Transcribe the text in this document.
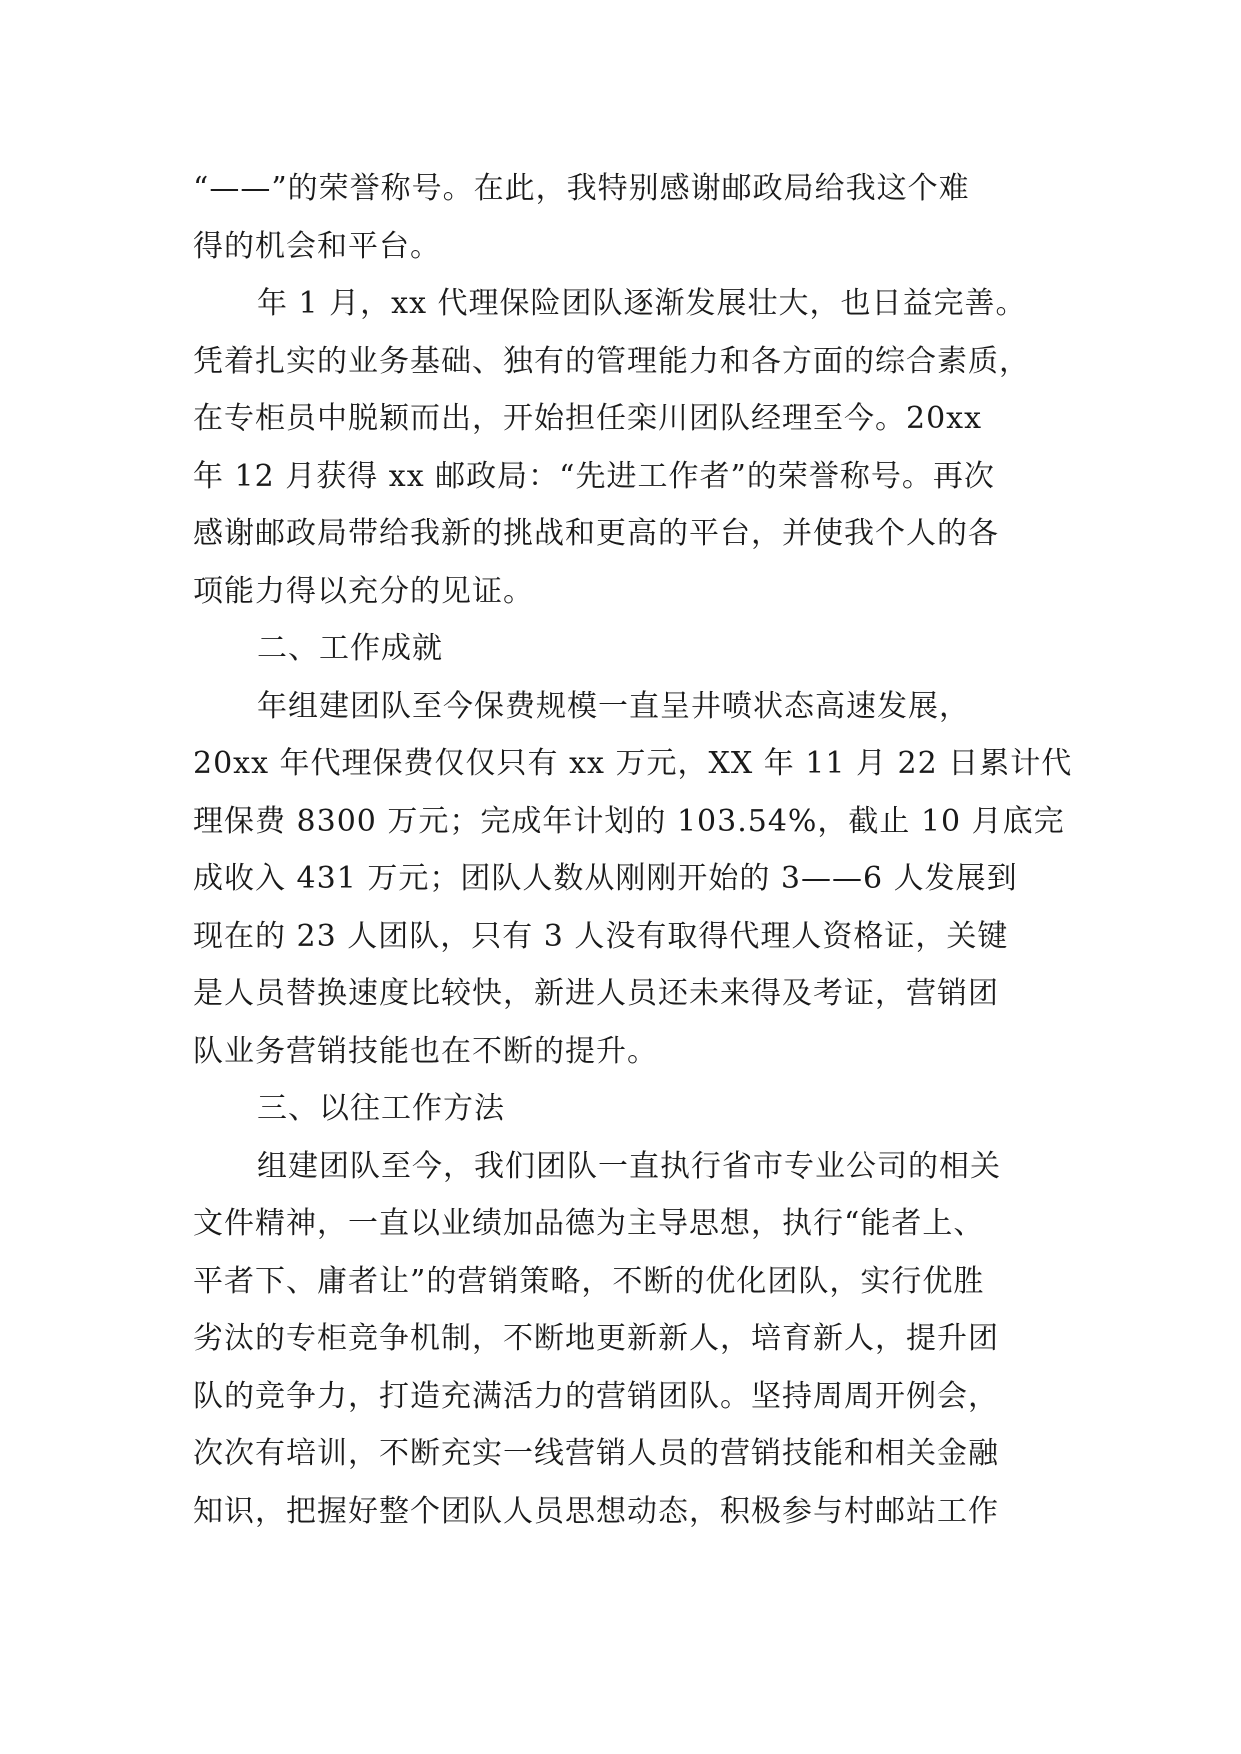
“——”的荣誉称号。在此，我特别感谢邮政局给我这个难
得的机会和平台。
年 1 月，xx 代理保险团队逐渐发展壮大，也日益完善。
凭着扎实的业务基础、独有的管理能力和各方面的综合素质，
在专柜员中脱颖而出，开始担任栾川团队经理至今。20xx
年 12 月获得 xx 邮政局：“先进工作者”的荣誉称号。再次
感谢邮政局带给我新的挑战和更高的平台，并使我个人的各
项能力得以充分的见证。
二、工作成就
年组建团队至今保费规模一直呈井喷状态高速发展，
20xx 年代理保费仅仅只有 xx 万元，XX 年 11 月 22 日累计代
理保费 8300 万元；完成年计划的 103.54%，截止 10 月底完
成收入 431 万元；团队人数从刚刚开始的 3——6 人发展到
现在的 23 人团队，只有 3 人没有取得代理人资格证，关键
是人员替换速度比较快，新进人员还未来得及考证，营销团
队业务营销技能也在不断的提升。
三、以往工作方法
组建团队至今，我们团队一直执行省市专业公司的相关
文件精神，一直以业绩加品德为主导思想，执行“能者上、
平者下、庸者让”的营销策略，不断的优化团队，实行优胜
劣汰的专柜竞争机制，不断地更新新人，培育新人，提升团
队的竞争力，打造充满活力的营销团队。坚持周周开例会，
次次有培训，不断充实一线营销人员的营销技能和相关金融
知识，把握好整个团队人员思想动态，积极参与村邮站工作
